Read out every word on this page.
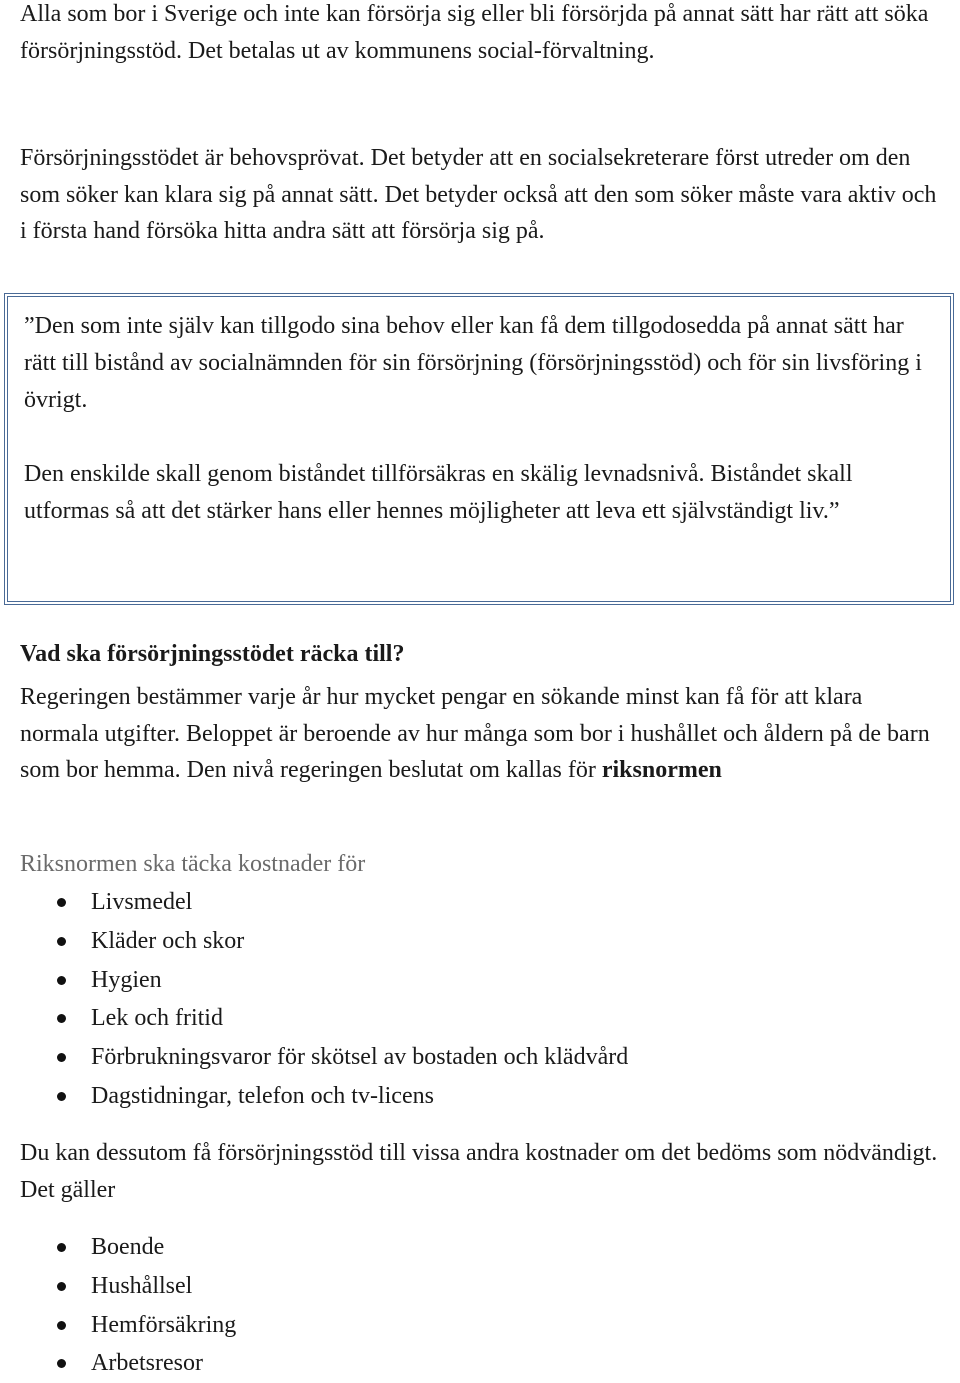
Alla som bor i Sverige och inte kan försörja sig eller bli försörjda på annat sätt har rätt att söka försörjningsstöd. Det betalas ut av kommunens social-förvaltning.

Försörjningsstödet är behovsprövat. Det betyder att en socialsekreterare först utreder om den som söker kan klara sig på annat sätt. Det betyder också att den som söker måste vara aktiv och i första hand försöka hitta andra sätt att försörja sig på.

”Den som inte själv kan tillgodo sina behov eller kan få dem tillgodosedda på annat sätt har rätt till bistånd av socialnämnden för sin försörjning (försörjningsstöd) och för sin livsföring i övrigt.

Den enskilde skall genom biståndet tillförsäkras en skälig levnadsnivå. Biståndet skall utformas så att det stärker hans eller hennes möjligheter att leva ett självständigt liv.”

Vad ska försörjningsstödet räcka till?

Regeringen bestämmer varje år hur mycket pengar en sökande minst kan få för att klara normala utgifter. Beloppet är beroende av hur många som bor i hushållet och åldern på de barn som bor hemma. Den nivå regeringen beslutat om kallas för riksnormen

Riksnormen ska täcka kostnader för

Livsmedel
Kläder och skor
Hygien
Lek och fritid
Förbrukningsvaror för skötsel av bostaden och klädvård
Dagstidningar, telefon och tv-licens

Du kan dessutom få försörjningsstöd till vissa andra kostnader om det bedöms som nödvändigt. Det gäller

Boende
Hushållsel
Hemförsäkring
Arbetsresor
